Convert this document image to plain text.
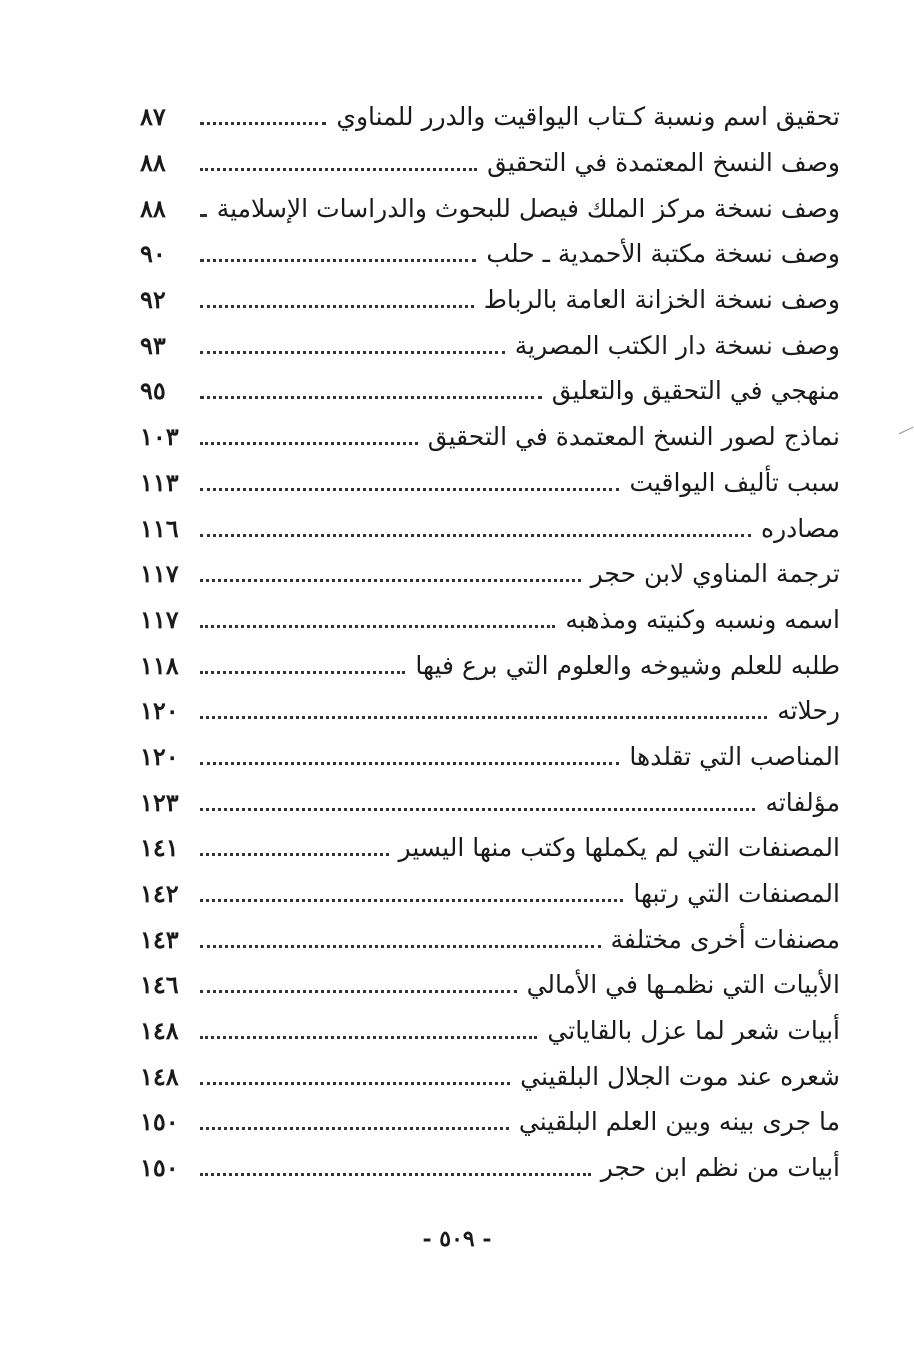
٨٧	تحقيق اسم ونسبة كـتاب اليواقيت والدرر للمناوي
٨٨	وصف النسخ المعتمدة في التحقيق
٨٨	وصف نسخة مركز الملك فيصل للبحوث والدراسات الإسلامية
٩٠	وصف نسخة مكتبة الأحمدية ـ حلب
٩٢	وصف نسخة الخزانة العامة بالرباط
٩٣	وصف نسخة دار الكتب المصرية
٩٥	منهجي في التحقيق والتعليق
١٠٣	نماذج لصور النسخ المعتمدة في التحقيق
١١٣	سبب تأليف اليواقيت
١١٦	مصادره
١١٧	ترجمة المناوي لابن حجر
١١٧	اسمه ونسبه وكنيته ومذهبه
١١٨	طلبه للعلم وشيوخه والعلوم التي برع فيها
١٢٠	رحلاته
١٢٠	المناصب التي تقلدها
١٢٣	مؤلفاته
١٤١	المصنفات التي لم يكملها وكتب منها اليسير
١٤٢	المصنفات التي رتبها
١٤٣	مصنفات أخرى مختلفة
١٤٦	الأبيات التي نظمـها في الأمالي
١٤٨	أبيات شعر لما عزل بالقاياتي
١٤٨	شعره عند موت الجلال البلقيني
١٥٠	ما جرى بينه وبين العلم البلقيني
١٥٠	أبيات من نظم ابن حجر
- ٥٠٩ -
